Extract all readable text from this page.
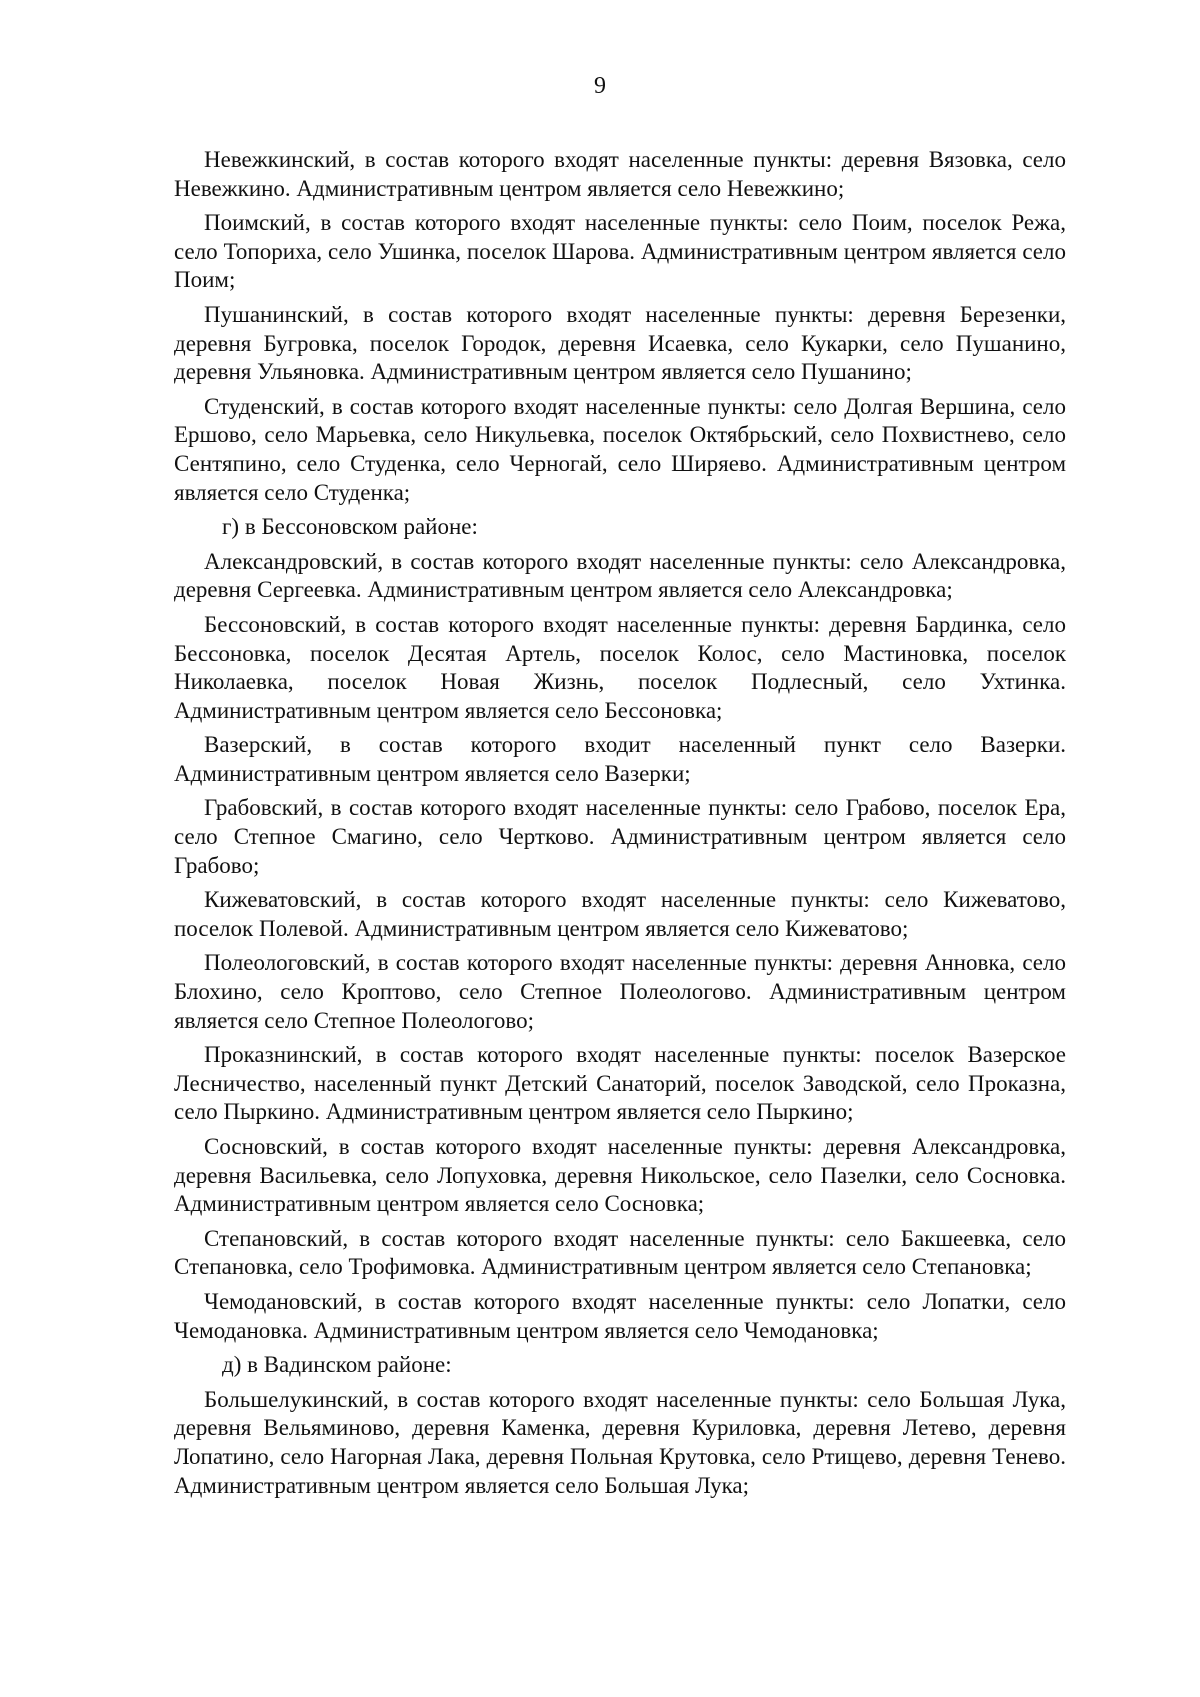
9

Невежкинский, в состав которого входят населенные пункты: деревня Вязовка, село Невежкино. Административным центром является село Невежкино;

Поимский, в состав которого входят населенные пункты: село Поим, поселок Режа, село Топориха, село Ушинка, поселок Шарова. Административным центром является село Поим;

Пушанинский, в состав которого входят населенные пункты: деревня Березенки, деревня Бугровка, поселок Городок, деревня Исаевка, село Кукарки, село Пушанино, деревня Ульяновка. Административным центром является село Пушанино;

Студенский, в состав которого входят населенные пункты: село Долгая Вершина, село Ершово, село Марьевка, село Никульевка, поселок Октябрьский, село Похвистнево, село Сентяпино, село Студенка, село Черногай, село Ширяево. Административным центром является село Студенка;

г) в Бессоновском районе:

Александровский, в состав которого входят населенные пункты: село Александровка, деревня Сергеевка. Административным центром является село Александровка;

Бессоновский, в состав которого входят населенные пункты: деревня Бардинка, село Бессоновка, поселок Десятая Артель, поселок Колос, село Мастиновка, поселок Николаевка, поселок Новая Жизнь, поселок Подлесный, село Ухтинка. Административным центром является село Бессоновка;

Вазерский, в состав которого входит населенный пункт село Вазерки. Административным центром является село Вазерки;

Грабовский, в состав которого входят населенные пункты: село Грабово, поселок Ера, село Степное Смагино, село Чертково. Административным центром является село Грабово;

Кижеватовский, в состав которого входят населенные пункты: село Кижеватово, поселок Полевой. Административным центром является село Кижеватово;

Полеологовский, в состав которого входят населенные пункты: деревня Анновка, село Блохино, село Кроптово, село Степное Полеологово. Административным центром является село Степное Полеологово;

Проказнинский, в состав которого входят населенные пункты: поселок Вазерское Лесничество, населенный пункт Детский Санаторий, поселок Заводской, село Проказна, село Пыркино. Административным центром является село Пыркино;

Сосновский, в состав которого входят населенные пункты: деревня Александровка, деревня Васильевка, село Лопуховка, деревня Никольское, село Пазелки, село Сосновка. Административным центром является село Сосновка;

Степановский, в состав которого входят населенные пункты: село Бакшеевка, село Степановка, село Трофимовка. Административным центром является село Степановка;

Чемодановский, в состав которого входят населенные пункты: село Лопатки, село Чемодановка. Административным центром является село Чемодановка;

д) в Вадинском районе:

Большелукинский, в состав которого входят населенные пункты: село Большая Лука, деревня Вельяминово, деревня Каменка, деревня Куриловка, деревня Летево, деревня Лопатино, село Нагорная Лака, деревня Польная Крутовка, село Ртищево, деревня Тенево. Административным центром является село Большая Лука;
